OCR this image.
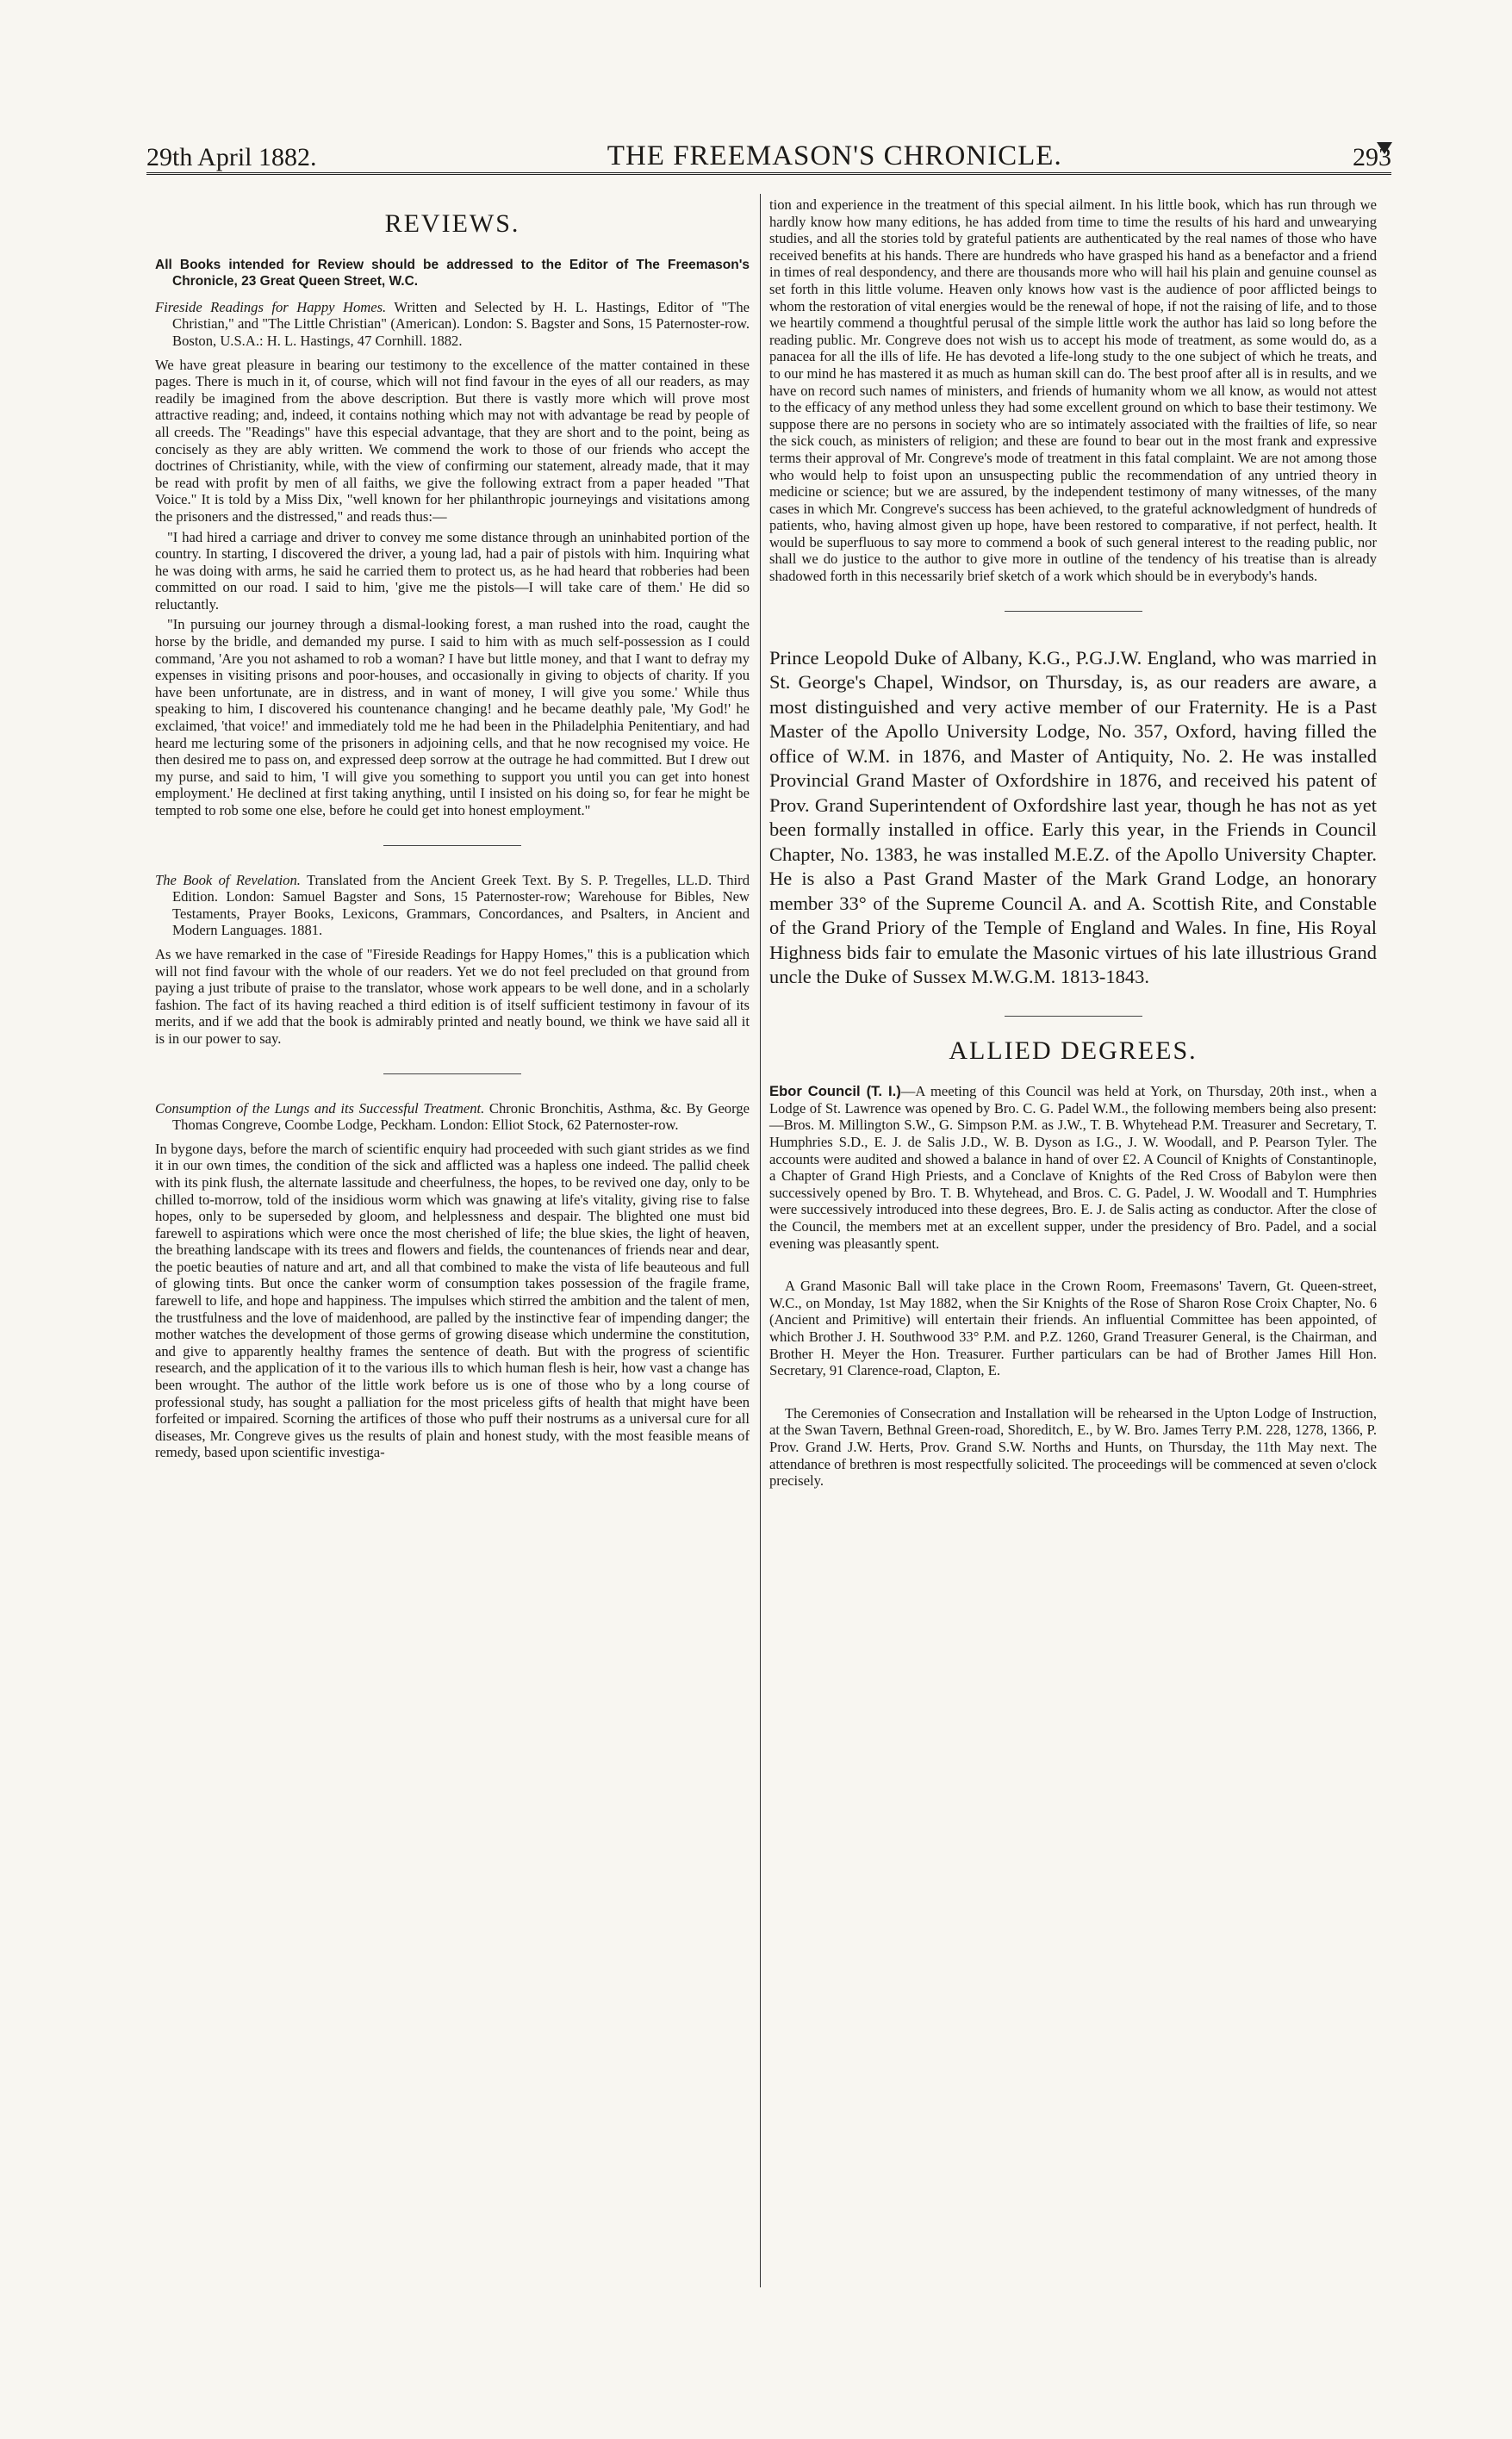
29th April 1882.	THE FREEMASON'S CHRONICLE.	293
REVIEWS.

All Books intended for Review should be addressed to the Editor of The Freemason's Chronicle, 23 Great Queen Street, W.C.

Fireside Readings for Happy Homes. Written and Selected by H. L. Hastings, Editor of "The Christian," and "The Little Christian" (American). London: S. Bagster and Sons, 15 Paternoster-row. Boston, U.S.A.: H. L. Hastings, 47 Cornhill. 1882.

We have great pleasure in bearing our testimony to the excellence of the matter contained in these pages. There is much in it, of course, which will not find favour in the eyes of all our readers, as may readily be imagined from the above description. But there is vastly more which will prove most attractive reading; and, indeed, it contains nothing which may not with advantage be read by people of all creeds. The "Readings" have this especial advantage, that they are short and to the point, being as concisely as they are ably written. We commend the work to those of our friends who accept the doctrines of Christianity, while, with the view of confirming our statement, already made, that it may be read with profit by men of all faiths, we give the following extract from a paper headed "That Voice." It is told by a Miss Dix, "well known for her philanthropic journeyings and visitations among the prisoners and the distressed," and reads thus:—

"I had hired a carriage and driver to convey me some distance through an uninhabited portion of the country. In starting, I discovered the driver, a young lad, had a pair of pistols with him. Inquiring what he was doing with arms, he said he carried them to protect us, as he had heard that robberies had been committed on our road. I said to him, 'give me the pistols—I will take care of them.' He did so reluctantly.

"In pursuing our journey through a dismal-looking forest, a man rushed into the road, caught the horse by the bridle, and demanded my purse. I said to him with as much self-possession as I could command, 'Are you not ashamed to rob a woman? I have but little money, and that I want to defray my expenses in visiting prisons and poor-houses, and occasionally in giving to objects of charity. If you have been unfortunate, are in distress, and in want of money, I will give you some.' While thus speaking to him, I discovered his countenance changing! and he became deathly pale, 'My God!' he exclaimed, 'that voice!' and immediately told me he had been in the Philadelphia Penitentiary, and had heard me lecturing some of the prisoners in adjoining cells, and that he now recognised my voice. He then desired me to pass on, and expressed deep sorrow at the outrage he had committed. But I drew out my purse, and said to him, 'I will give you something to support you until you can get into honest employment.' He declined at first taking anything, until I insisted on his doing so, for fear he might be tempted to rob some one else, before he could get into honest employment."

The Book of Revelation. Translated from the Ancient Greek Text. By S. P. Tregelles, LL.D. Third Edition. London: Samuel Bagster and Sons, 15 Paternoster-row; Warehouse for Bibles, New Testaments, Prayer Books, Lexicons, Grammars, Concordances, and Psalters, in Ancient and Modern Languages. 1881.

As we have remarked in the case of "Fireside Readings for Happy Homes," this is a publication which will not find favour with the whole of our readers. Yet we do not feel precluded on that ground from paying a just tribute of praise to the translator, whose work appears to be well done, and in a scholarly fashion. The fact of its having reached a third edition is of itself sufficient testimony in favour of its merits, and if we add that the book is admirably printed and neatly bound, we think we have said all it is in our power to say.

Consumption of the Lungs and its Successful Treatment. Chronic Bronchitis, Asthma, &c. By George Thomas Congreve, Coombe Lodge, Peckham. London: Elliot Stock, 62 Paternoster-row.

In bygone days, before the march of scientific enquiry had proceeded with such giant strides as we find it in our own times, the condition of the sick and afflicted was a hapless one indeed. The pallid cheek with its pink flush, the alternate lassitude and cheerfulness, the hopes, to be revived one day, only to be chilled to-morrow, told of the insidious worm which was gnawing at life's vitality, giving rise to false hopes, only to be superseded by gloom, and helplessness and despair. The blighted one must bid farewell to aspirations which were once the most cherished of life; the blue skies, the light of heaven, the breathing landscape with its trees and flowers and fields, the countenances of friends near and dear, the poetic beauties of nature and art, and all that combined to make the vista of life beauteous and full of glowing tints. But once the canker worm of consumption takes possession of the fragile frame, farewell to life, and hope and happiness. The impulses which stirred the ambition and the talent of men, the trustfulness and the love of maidenhood, are palled by the instinctive fear of impending danger; the mother watches the development of those germs of growing disease which undermine the constitution, and give to apparently healthy frames the sentence of death. But with the progress of scientific research, and the application of it to the various ills to which human flesh is heir, how vast a change has been wrought. The author of the little work before us is one of those who by a long course of professional study, has sought a palliation for the most priceless gifts of health that might have been forfeited or impaired. Scorning the artifices of those who puff their nostrums as a universal cure for all diseases, Mr. Congreve gives us the results of plain and honest study, with the most feasible means of remedy, based upon scientific investiga-

tion and experience in the treatment of this special ailment. In his little book, which has run through we hardly know how many editions, he has added from time to time the results of his hard and unwearying studies, and all the stories told by grateful patients are authenticated by the real names of those who have received benefits at his hands. There are hundreds who have grasped his hand as a benefactor and a friend in times of real despondency, and there are thousands more who will hail his plain and genuine counsel as set forth in this little volume. Heaven only knows how vast is the audience of poor afflicted beings to whom the restoration of vital energies would be the renewal of hope, if not the raising of life, and to those we heartily commend a thoughtful perusal of the simple little work the author has laid so long before the reading public. Mr. Congreve does not wish us to accept his mode of treatment, as some would do, as a panacea for all the ills of life. He has devoted a life-long study to the one subject of which he treats, and to our mind he has mastered it as much as human skill can do. The best proof after all is in results, and we have on record such names of ministers, and friends of humanity whom we all know, as would not attest to the efficacy of any method unless they had some excellent ground on which to base their testimony. We suppose there are no persons in society who are so intimately associated with the frailties of life, so near the sick couch, as ministers of religion; and these are found to bear out in the most frank and expressive terms their approval of Mr. Congreve's mode of treatment in this fatal complaint. We are not among those who would help to foist upon an unsuspecting public the recommendation of any untried theory in medicine or science; but we are assured, by the independent testimony of many witnesses, of the many cases in which Mr. Congreve's success has been achieved, to the grateful acknowledgment of hundreds of patients, who, having almost given up hope, have been restored to comparative, if not perfect, health. It would be superfluous to say more to commend a book of such general interest to the reading public, nor shall we do justice to the author to give more in outline of the tendency of his treatise than is already shadowed forth in this necessarily brief sketch of a work which should be in everybody's hands.

Prince Leopold Duke of Albany, K.G., P.G.J.W. England, who was married in St. George's Chapel, Windsor, on Thursday, is, as our readers are aware, a most distinguished and very active member of our Fraternity. He is a Past Master of the Apollo University Lodge, No. 357, Oxford, having filled the office of W.M. in 1876, and Master of Antiquity, No. 2. He was installed Provincial Grand Master of Oxfordshire in 1876, and received his patent of Prov. Grand Superintendent of Oxfordshire last year, though he has not as yet been formally installed in office. Early this year, in the Friends in Council Chapter, No. 1383, he was installed M.E.Z. of the Apollo University Chapter. He is also a Past Grand Master of the Mark Grand Lodge, an honorary member 33° of the Supreme Council A. and A. Scottish Rite, and Constable of the Grand Priory of the Temple of England and Wales. In fine, His Royal Highness bids fair to emulate the Masonic virtues of his late illustrious Grand uncle the Duke of Sussex M.W.G.M. 1813-1843.

ALLIED DEGREES.

Ebor Council (T. I.)—A meeting of this Council was held at York, on Thursday, 20th inst., when a Lodge of St. Lawrence was opened by Bro. C. G. Padel W.M., the following members being also present:—Bros. M. Millington S.W., G. Simpson P.M. as J.W., T. B. Whytehead P.M. Treasurer and Secretary, T. Humphries S.D., E. J. de Salis J.D., W. B. Dyson as I.G., J. W. Woodall, and P. Pearson Tyler. The accounts were audited and showed a balance in hand of over £2. A Council of Knights of Constantinople, a Chapter of Grand High Priests, and a Conclave of Knights of the Red Cross of Babylon were then successively opened by Bro. T. B. Whytehead, and Bros. C. G. Padel, J. W. Woodall and T. Humphries were successively introduced into these degrees, Bro. E. J. de Salis acting as conductor. After the close of the Council, the members met at an excellent supper, under the presidency of Bro. Padel, and a social evening was pleasantly spent.

A Grand Masonic Ball will take place in the Crown Room, Freemasons' Tavern, Gt. Queen-street, W.C., on Monday, 1st May 1882, when the Sir Knights of the Rose of Sharon Rose Croix Chapter, No. 6 (Ancient and Primitive) will entertain their friends. An influential Committee has been appointed, of which Brother J. H. Southwood 33° P.M. and P.Z. 1260, Grand Treasurer General, is the Chairman, and Brother H. Meyer the Hon. Treasurer. Further particulars can be had of Brother James Hill Hon. Secretary, 91 Clarence-road, Clapton, E.

The Ceremonies of Consecration and Installation will be rehearsed in the Upton Lodge of Instruction, at the Swan Tavern, Bethnal Green-road, Shoreditch, E., by W. Bro. James Terry P.M. 228, 1278, 1366, P. Prov. Grand J.W. Herts, Prov. Grand S.W. Norths and Hunts, on Thursday, the 11th May next. The attendance of brethren is most respectfully solicited. The proceedings will be commenced at seven o'clock precisely.
